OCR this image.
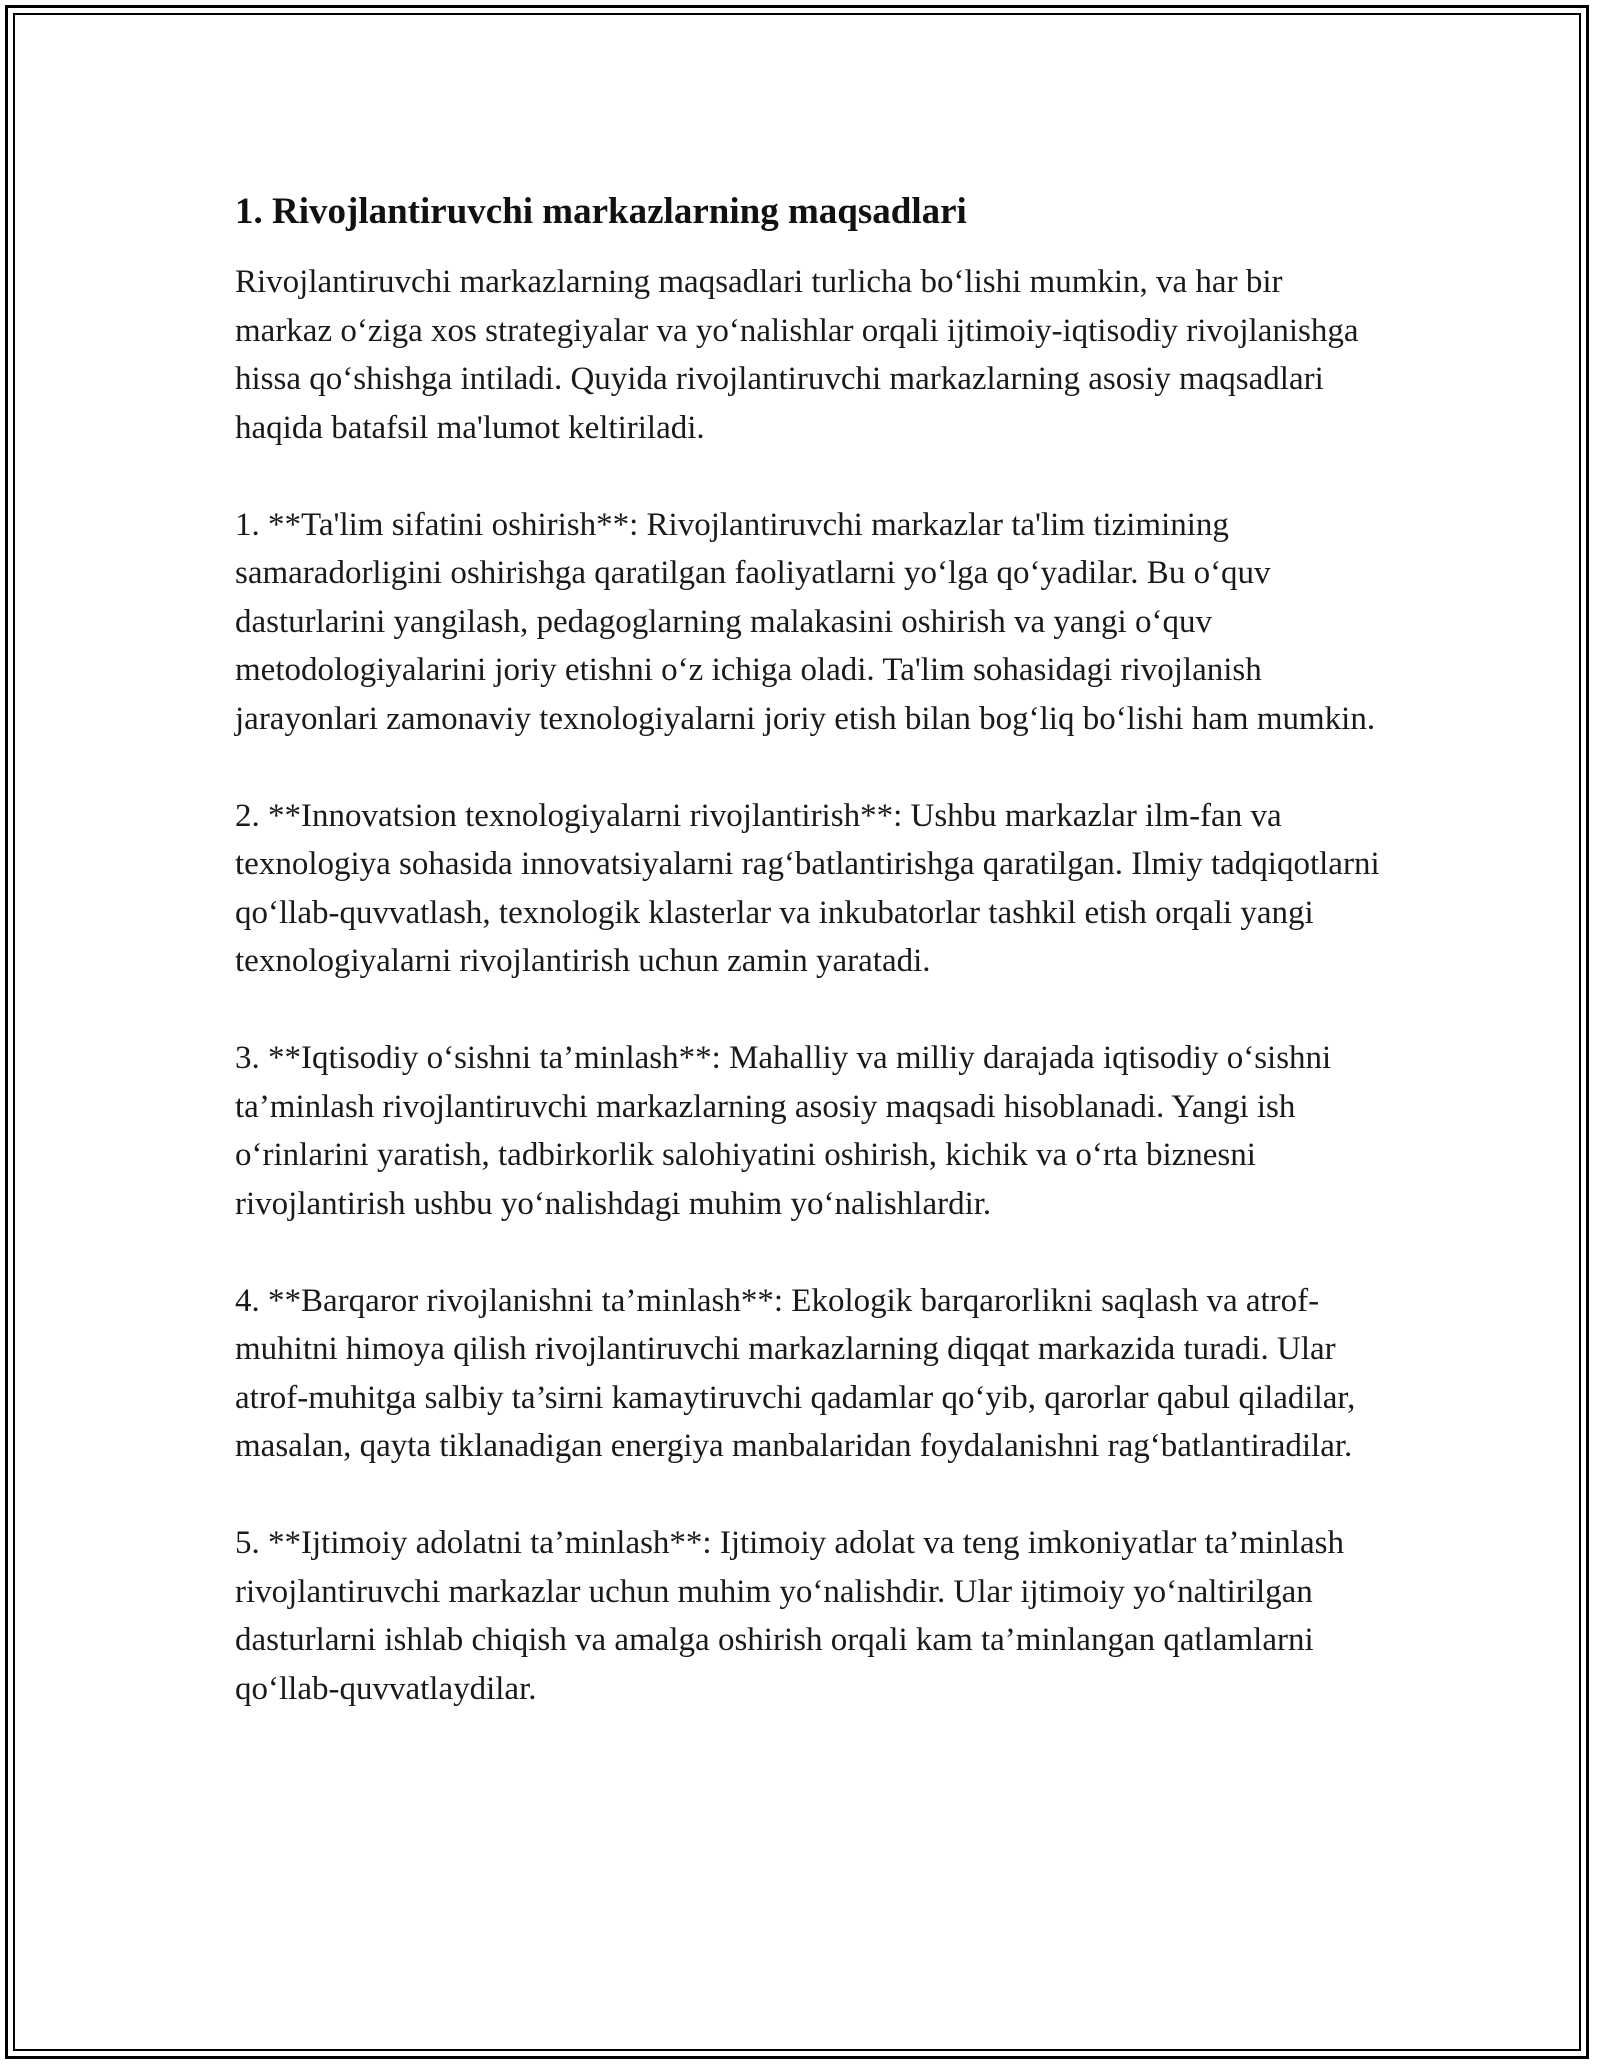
1. Rivojlantiruvchi markazlarning maqsadlari

Rivojlantiruvchi markazlarning maqsadlari turlicha bo‘lishi mumkin, va har bir markaz o‘ziga xos strategiyalar va yo‘nalishlar orqali ijtimoiy-iqtisodiy rivojlanishga hissa qo‘shishga intiladi. Quyida rivojlantiruvchi markazlarning asosiy maqsadlari haqida batafsil ma'lumot keltiriladi.

1. **Ta'lim sifatini oshirish**: Rivojlantiruvchi markazlar ta'lim tizimining samaradorligini oshirishga qaratilgan faoliyatlarni yo‘lga qo‘yadilar. Bu o‘quv dasturlarini yangilash, pedagoglarning malakasini oshirish va yangi o‘quv metodologiyalarini joriy etishni o‘z ichiga oladi. Ta'lim sohasidagi rivojlanish jarayonlari zamonaviy texnologiyalarni joriy etish bilan bog‘liq bo‘lishi ham mumkin.

2. **Innovatsion texnologiyalarni rivojlantirish**: Ushbu markazlar ilm-fan va texnologiya sohasida innovatsiyalarni rag‘batlantirishga qaratilgan. Ilmiy tadqiqotlarni qo‘llab-quvvatlash, texnologik klasterlar va inkubatorlar tashkil etish orqali yangi texnologiyalarni rivojlantirish uchun zamin yaratadi.

3. **Iqtisodiy o‘sishni ta’minlash**: Mahalliy va milliy darajada iqtisodiy o‘sishni ta’minlash rivojlantiruvchi markazlarning asosiy maqsadi hisoblanadi. Yangi ish o‘rinlarini yaratish, tadbirkorlik salohiyatini oshirish, kichik va o‘rta biznesni rivojlantirish ushbu yo‘nalishdagi muhim yo‘nalishlardir.

4. **Barqaror rivojlanishni ta’minlash**: Ekologik barqarorlikni saqlash va atrof-muhitni himoya qilish rivojlantiruvchi markazlarning diqqat markazida turadi. Ular atrof-muhitga salbiy ta’sirni kamaytiruvchi qadamlar qo‘yib, qarorlar qabul qiladilar, masalan, qayta tiklanadigan energiya manbalaridan foydalanishni rag‘batlantiradilar.

5. **Ijtimoiy adolatni ta’minlash**: Ijtimoiy adolat va teng imkoniyatlar ta’minlash rivojlantiruvchi markazlar uchun muhim yo‘nalishdir. Ular ijtimoiy yo‘naltirilgan dasturlarni ishlab chiqish va amalga oshirish orqali kam ta’minlangan qatlamlarni qo‘llab-quvvatlaydilar.
